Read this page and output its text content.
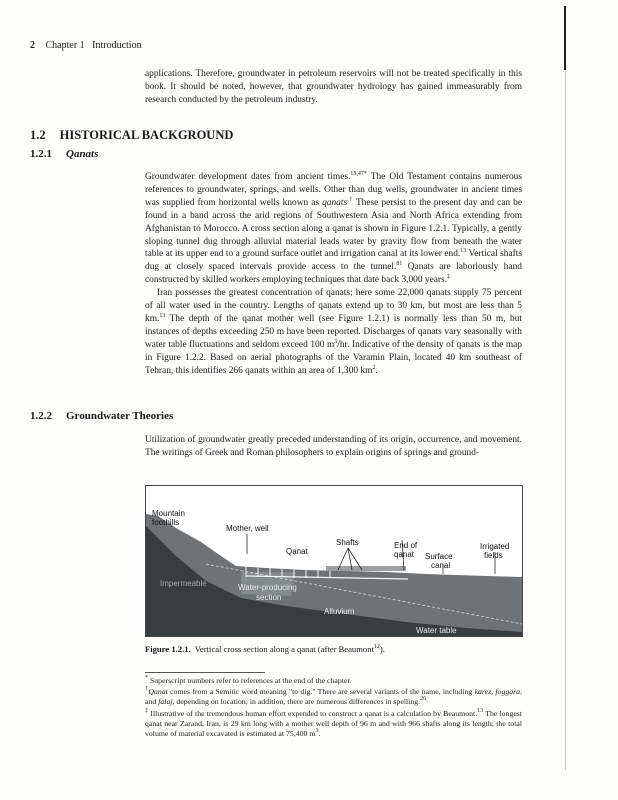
2 Chapter 1 Introduction

applications. Therefore, groundwater in petroleum reservoirs will not be treated specifically in this book. It should be noted, however, that groundwater hydrology has gained immeasurably from research conducted by the petroleum industry.

1.2 HISTORICAL BACKGROUND
1.2.1 Qanats

Groundwater development dates from ancient times.$^{15,47*}$ The Old Testament contains numerous references to groundwater, springs, and wells. Other than dug wells, groundwater in ancient times was supplied from horizontal wells known as qanats.† These persist to the present day and can be found in a band across the arid regions of Southwestern Asia and North Africa extending from Afghanistan to Morocco. A cross section along a qanat is shown in Figure 1.2.1. Typically, a gently sloping tunnel dug through alluvial material leads water by gravity flow from beneath the water table at its upper end to a ground surface outlet and irrigation canal at its lower end.$^{13}$ Vertical shafts dug at closely spaced intervals provide access to the tunnel.$^{81}$ Qanats are laboriously hand constructed by skilled workers employing techniques that date back 3,000 years.‡

Iran possesses the greatest concentration of qanats; here some 22,000 qanats supply 75 percent of all water used in the country. Lengths of qanats extend up to 30 km, but most are less than 5 km.$^{13}$ The depth of the qanat mother well (see Figure 1.2.1) is normally less than 50 m, but instances of depths exceeding 250 m have been reported. Discharges of qanats vary seasonally with water table fluctuations and seldom exceed 100 $m^3/hr$. Indicative of the density of qanats is the map in Figure 1.2.2. Based on aerial photographs of the Varamin Plain, located 40 km southeast of Tehran, this identifies 266 qanats within an area of 1,300 $km^2$.

1.2.2 Groundwater Theories

Utilization of groundwater greatly preceded understanding of its origin, occurrence, and movement. The writings of Greek and Roman philosophers to explain origins of springs and ground-

Mountain
foothills
Mother, well
Qanat
Shafts	End of
qanat Surface
canal
Irrigated
fields
Water-producing
section
Impermeable
Alluvium
Water table
Figure 1.2.1. Vertical cross section along a qanat (after Beaumont$^{12}$).

* Superscript numbers refer to references at the end of the chapter.

†Qanat comes from a Semitic word meaning "to dig." There are several variants of the name, including karez, foggara, and falaj, depending on location; in addition, there are numerous differences in spelling.$^{26}$

‡ Illustrative of the tremendous human effort expended to construct a qanat is a calculation by Beaumont.$^{13}$ The longest qanat near Zarand, Iran, is 29 km long with a mother well depth of 96 m and with 966 shafts along its length; the total volume of material excavated is estimated at 75,400 $m^3$.
